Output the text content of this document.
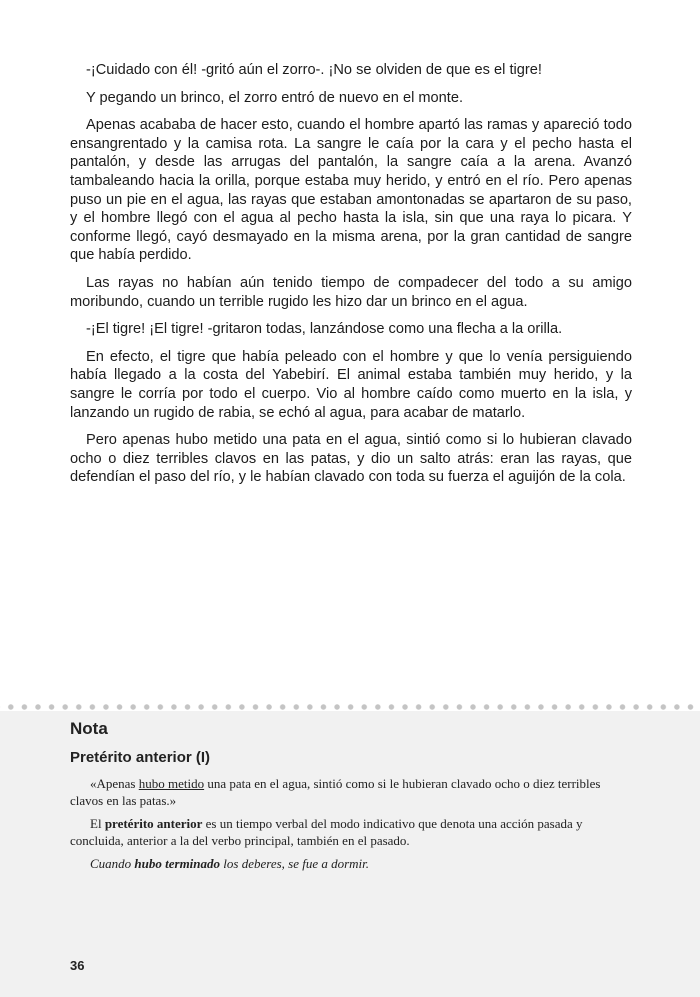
-¡Cuidado con él! -gritó aún el zorro-. ¡No se olviden de que es el tigre!

Y pegando un brinco, el zorro entró de nuevo en el monte.

Apenas acababa de hacer esto, cuando el hombre apartó las ramas y apareció todo ensangrentado y la camisa rota. La sangre le caía por la cara y el pecho hasta el pantalón, y desde las arrugas del pantalón, la sangre caía a la arena. Avanzó tambaleando hacia la orilla, porque estaba muy herido, y entró en el río. Pero apenas puso un pie en el agua, las rayas que estaban amontonadas se apartaron de su paso, y el hombre llegó con el agua al pecho hasta la isla, sin que una raya lo picara. Y conforme llegó, cayó desmayado en la misma arena, por la gran cantidad de sangre que había perdido.

Las rayas no habían aún tenido tiempo de compadecer del todo a su amigo moribundo, cuando un terrible rugido les hizo dar un brinco en el agua.

-¡El tigre! ¡El tigre! -gritaron todas, lanzándose como una flecha a la orilla.

En efecto, el tigre que había peleado con el hombre y que lo venía persiguiendo había llegado a la costa del Yabebirí. El animal estaba también muy herido, y la sangre le corría por todo el cuerpo. Vio al hombre caído como muerto en la isla, y lanzando un rugido de rabia, se echó al agua, para acabar de matarlo.

Pero apenas hubo metido una pata en el agua, sintió como si lo hubieran clavado ocho o diez terribles clavos en las patas, y dio un salto atrás: eran las rayas, que defendían el paso del río, y le habían clavado con toda su fuerza el aguijón de la cola.

Nota
Pretérito anterior (I)

«Apenas hubo metido una pata en el agua, sintió como si le hubieran clavado ocho o diez terribles clavos en las patas.»

El pretérito anterior es un tiempo verbal del modo indicativo que denota una acción pasada y concluida, anterior a la del verbo principal, también en el pasado.

Cuando hubo terminado los deberes, se fue a dormir.

36
